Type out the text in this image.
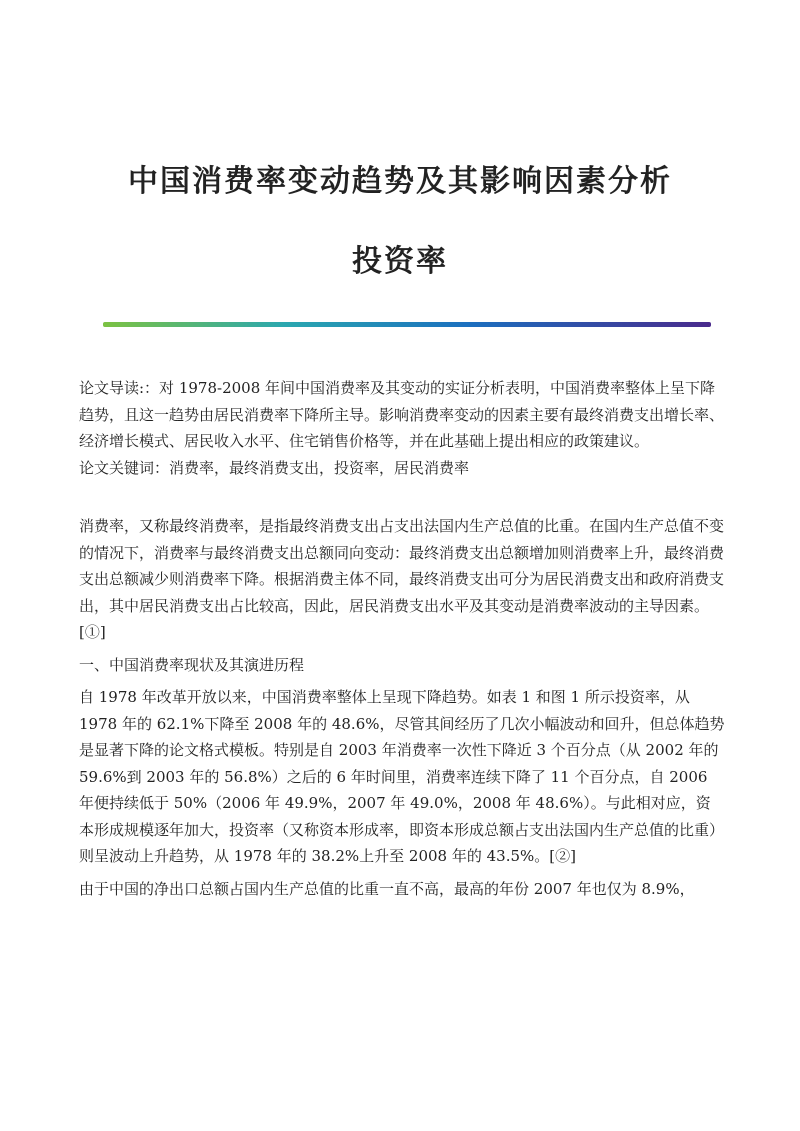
中国消费率变动趋势及其影响因素分析
投资率

论文导读:：对 1978-2008 年间中国消费率及其变动的实证分析表明，中国消费率整体上呈下降趋势，且这一趋势由居民消费率下降所主导。影响消费率变动的因素主要有最终消费支出增长率、经济增长模式、居民收入水平、住宅销售价格等，并在此基础上提出相应的政策建议。

论文关键词：消费率，最终消费支出，投资率，居民消费率

消费率，又称最终消费率，是指最终消费支出占支出法国内生产总值的比重。在国内生产总值不变的情况下，消费率与最终消费支出总额同向变动：最终消费支出总额增加则消费率上升，最终消费支出总额减少则消费率下降。根据消费主体不同，最终消费支出可分为居民消费支出和政府消费支出，其中居民消费支出占比较高，因此，居民消费支出水平及其变动是消费率波动的主导因素。[①]

一、中国消费率现状及其演进历程

自 1978 年改革开放以来，中国消费率整体上呈现下降趋势。如表 1 和图 1 所示投资率，从 1978 年的 62.1%下降至 2008 年的 48.6%，尽管其间经历了几次小幅波动和回升，但总体趋势是显著下降的论文格式模板。特别是自 2003 年消费率一次性下降近 3 个百分点（从 2002 年的 59.6%到 2003 年的 56.8%）之后的 6 年时间里，消费率连续下降了 11 个百分点，自 2006 年便持续低于 50%（2006 年 49.9%，2007 年 49.0%，2008 年 48.6%）。与此相对应，资本形成规模逐年加大，投资率（又称资本形成率，即资本形成总额占支出法国内生产总值的比重）则呈波动上升趋势，从 1978 年的 38.2%上升至 2008 年的 43.5%。[②]

由于中国的净出口总额占国内生产总值的比重一直不高，最高的年份 2007 年也仅为 8.9%，
